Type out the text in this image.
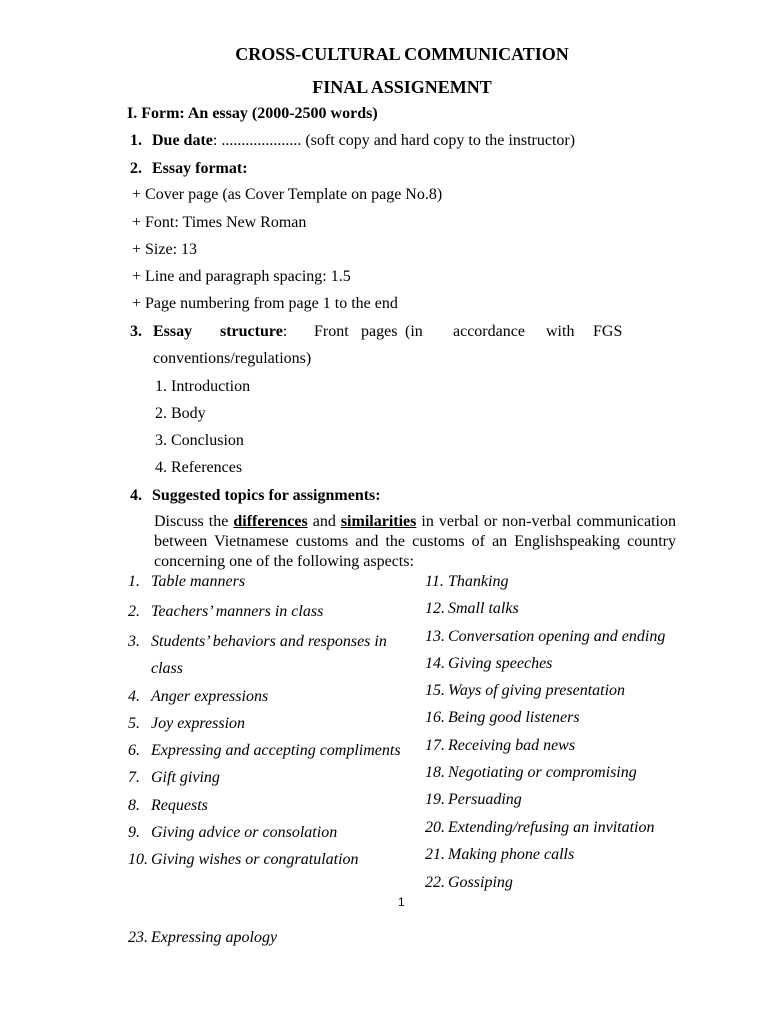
CROSS-CULTURAL COMMUNICATION
FINAL ASSIGNEMNT
I. Form: An essay (2000-2500 words)
1. Due date: .................... (soft copy and hard copy to the instructor)
2. Essay format:
+ Cover page (as Cover Template on page No.8)
+ Font: Times New Roman
+ Size: 13
+ Line and paragraph spacing: 1.5
+ Page numbering from page 1 to the end
3. Essay structure: Front pages (in accordance with FGS
conventions/regulations)
1. Introduction
2. Body
3. Conclusion
4. References
4. Suggested topics for assignments:
Discuss the differences and similarities in verbal or non-verbal communication between Vietnamese customs and the customs of an Englishspeaking country concerning one of the following aspects:
1. Table manners
2. Teachers’ manners in class
3. Students’ behaviors and responses in
class
4. Anger expressions
5. Joy expression
6. Expressing and accepting compliments
7. Gift giving
8. Requests
9. Giving advice or consolation
10. Giving wishes or congratulation
11. Thanking
12. Small talks
13. Conversation opening and ending
14. Giving speeches
15. Ways of giving presentation
16. Being good listeners
17. Receiving bad news
18. Negotiating or compromising
19. Persuading
20. Extending/refusing an invitation
21. Making phone calls
22. Gossiping
1
23. Expressing apology
